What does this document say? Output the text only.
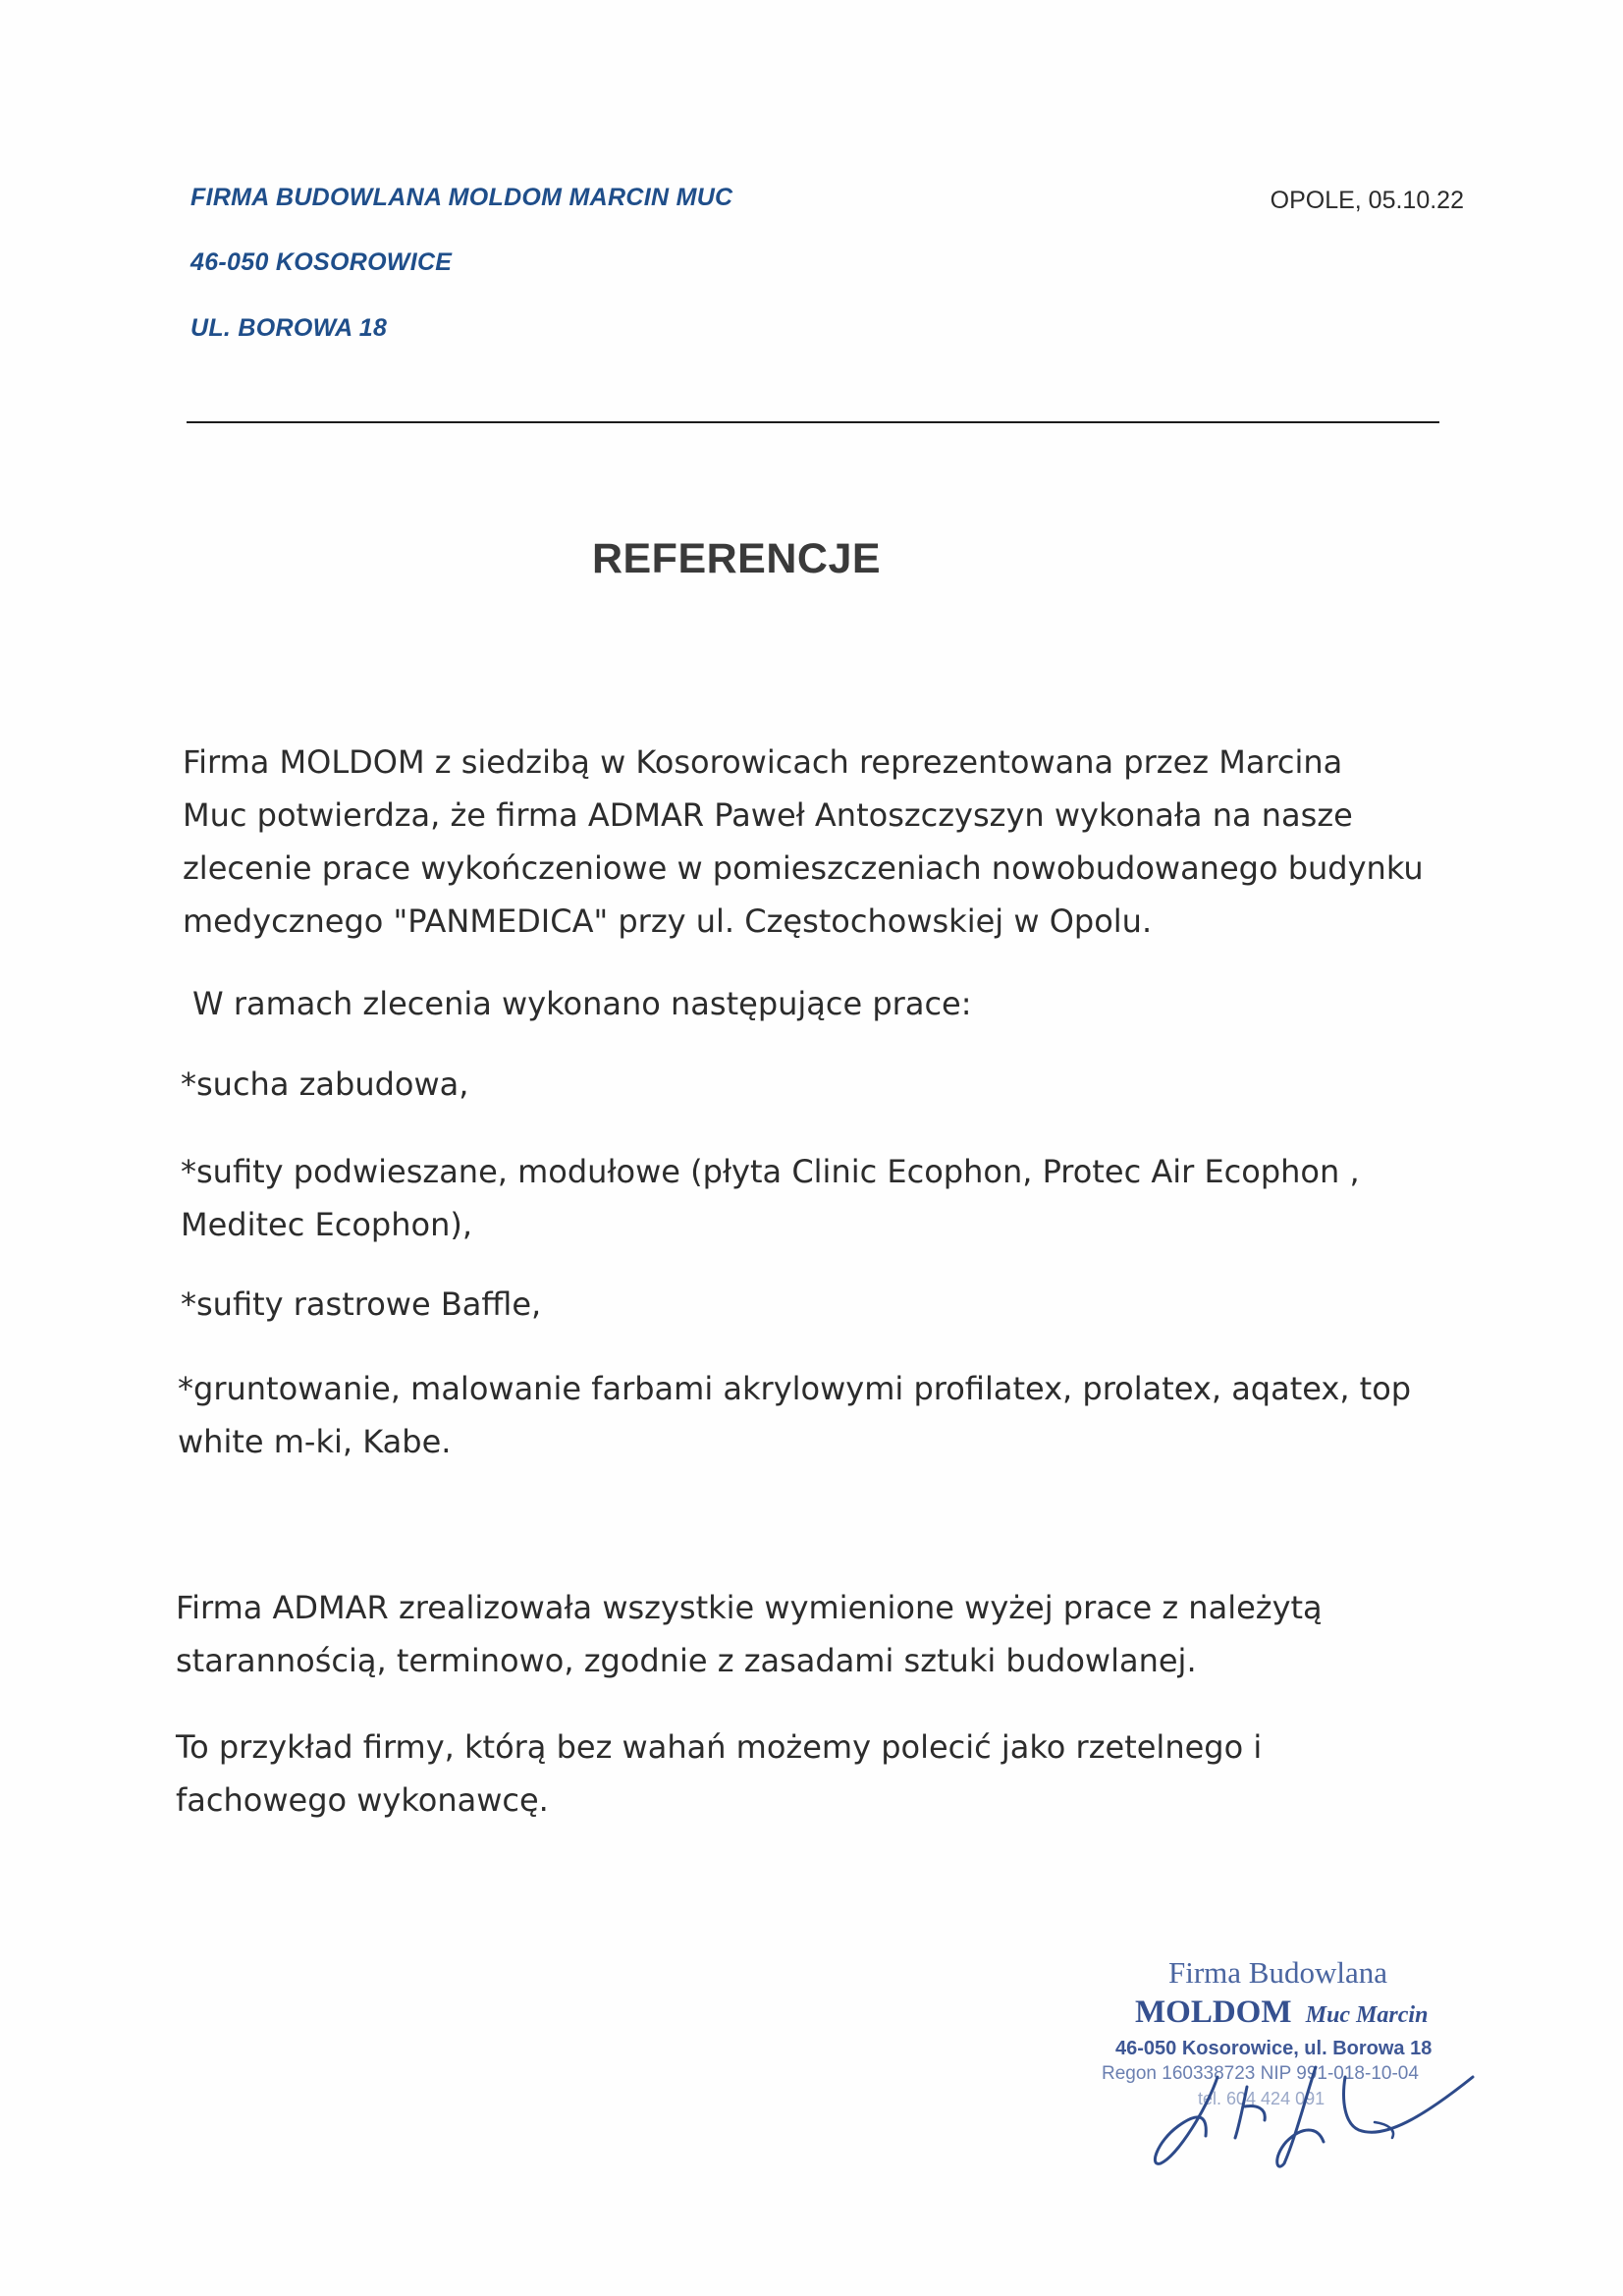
FIRMA BUDOWLANA MOLDOM MARCIN MUC
46-050 KOSOROWICE
UL. BOROWA 18
OPOLE, 05.10.22
REFERENCJE
Firma MOLDOM z siedzibą w Kosorowicach reprezentowana przez Marcina
Muc potwierdza, że firma ADMAR Paweł Antoszczyszyn wykonała na nasze
zlecenie prace wykończeniowe w pomieszczeniach nowobudowanego budynku
medycznego "PANMEDICA" przy ul. Częstochowskiej w Opolu.
W ramach zlecenia wykonano następujące prace:
*sucha zabudowa,
*sufity podwieszane, modułowe (płyta Clinic Ecophon, Protec Air Ecophon ,
Meditec Ecophon),
*sufity rastrowe Baffle,
*gruntowanie, malowanie farbami akrylowymi profilatex, prolatex, aqatex, top
white m-ki, Kabe.
Firma ADMAR zrealizowała wszystkie wymienione wyżej prace z należytą
starannością, terminowo, zgodnie z zasadami sztuki budowlanej.
To przykład firmy, którą bez wahań możemy polecić jako rzetelnego i
fachowego wykonawcę.
Firma Budowlana
MOLDOM Muc Marcin
46-050 Kosorowice, ul. Borowa 18
Regon 160338723 NIP 991-018-10-04
tel. 604 424 091
